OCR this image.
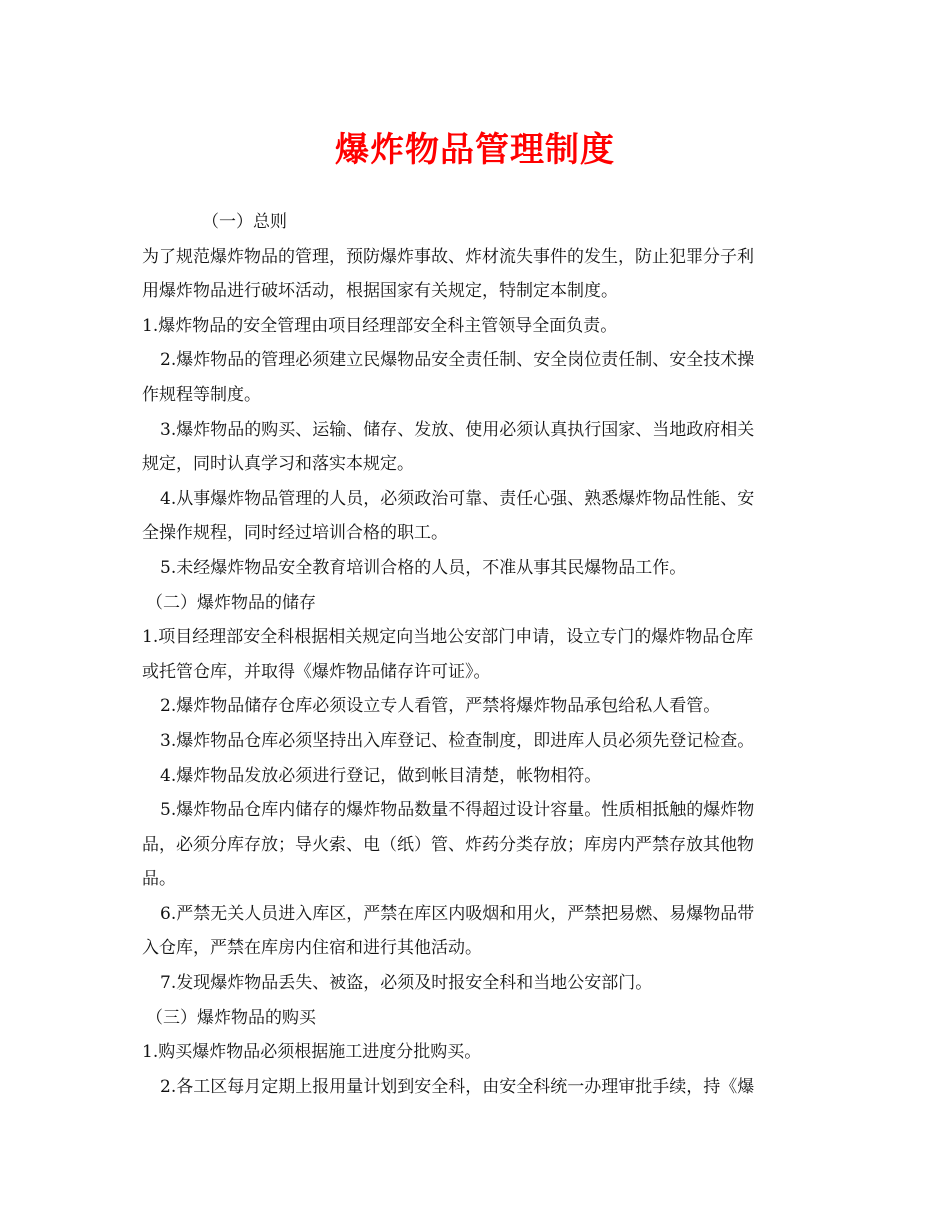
爆炸物品管理制度
（一）总则
为了规范爆炸物品的管理，预防爆炸事故、炸材流失事件的发生，防止犯罪分子利
用爆炸物品进行破坏活动，根据国家有关规定，特制定本制度。
1.爆炸物品的安全管理由项目经理部安全科主管领导全面负责。
2.爆炸物品的管理必须建立民爆物品安全责任制、安全岗位责任制、安全技术操
作规程等制度。
3.爆炸物品的购买、运输、储存、发放、使用必须认真执行国家、当地政府相关
规定，同时认真学习和落实本规定。
4.从事爆炸物品管理的人员，必须政治可靠、责任心强、熟悉爆炸物品性能、安
全操作规程，同时经过培训合格的职工。
5.未经爆炸物品安全教育培训合格的人员，不准从事其民爆物品工作。
（二）爆炸物品的储存
1.项目经理部安全科根据相关规定向当地公安部门申请，设立专门的爆炸物品仓库
或托管仓库，并取得《爆炸物品储存许可证》。
2.爆炸物品储存仓库必须设立专人看管，严禁将爆炸物品承包给私人看管。
3.爆炸物品仓库必须坚持出入库登记、检查制度，即进库人员必须先登记检查。
4.爆炸物品发放必须进行登记，做到帐目清楚，帐物相符。
5.爆炸物品仓库内储存的爆炸物品数量不得超过设计容量。性质相抵触的爆炸物
品，必须分库存放；导火索、电（纸）管、炸药分类存放；库房内严禁存放其他物
品。
6.严禁无关人员进入库区，严禁在库区内吸烟和用火，严禁把易燃、易爆物品带
入仓库，严禁在库房内住宿和进行其他活动。
7.发现爆炸物品丢失、被盗，必须及时报安全科和当地公安部门。
（三）爆炸物品的购买
1.购买爆炸物品必须根据施工进度分批购买。
2.各工区每月定期上报用量计划到安全科，由安全科统一办理审批手续，持《爆
